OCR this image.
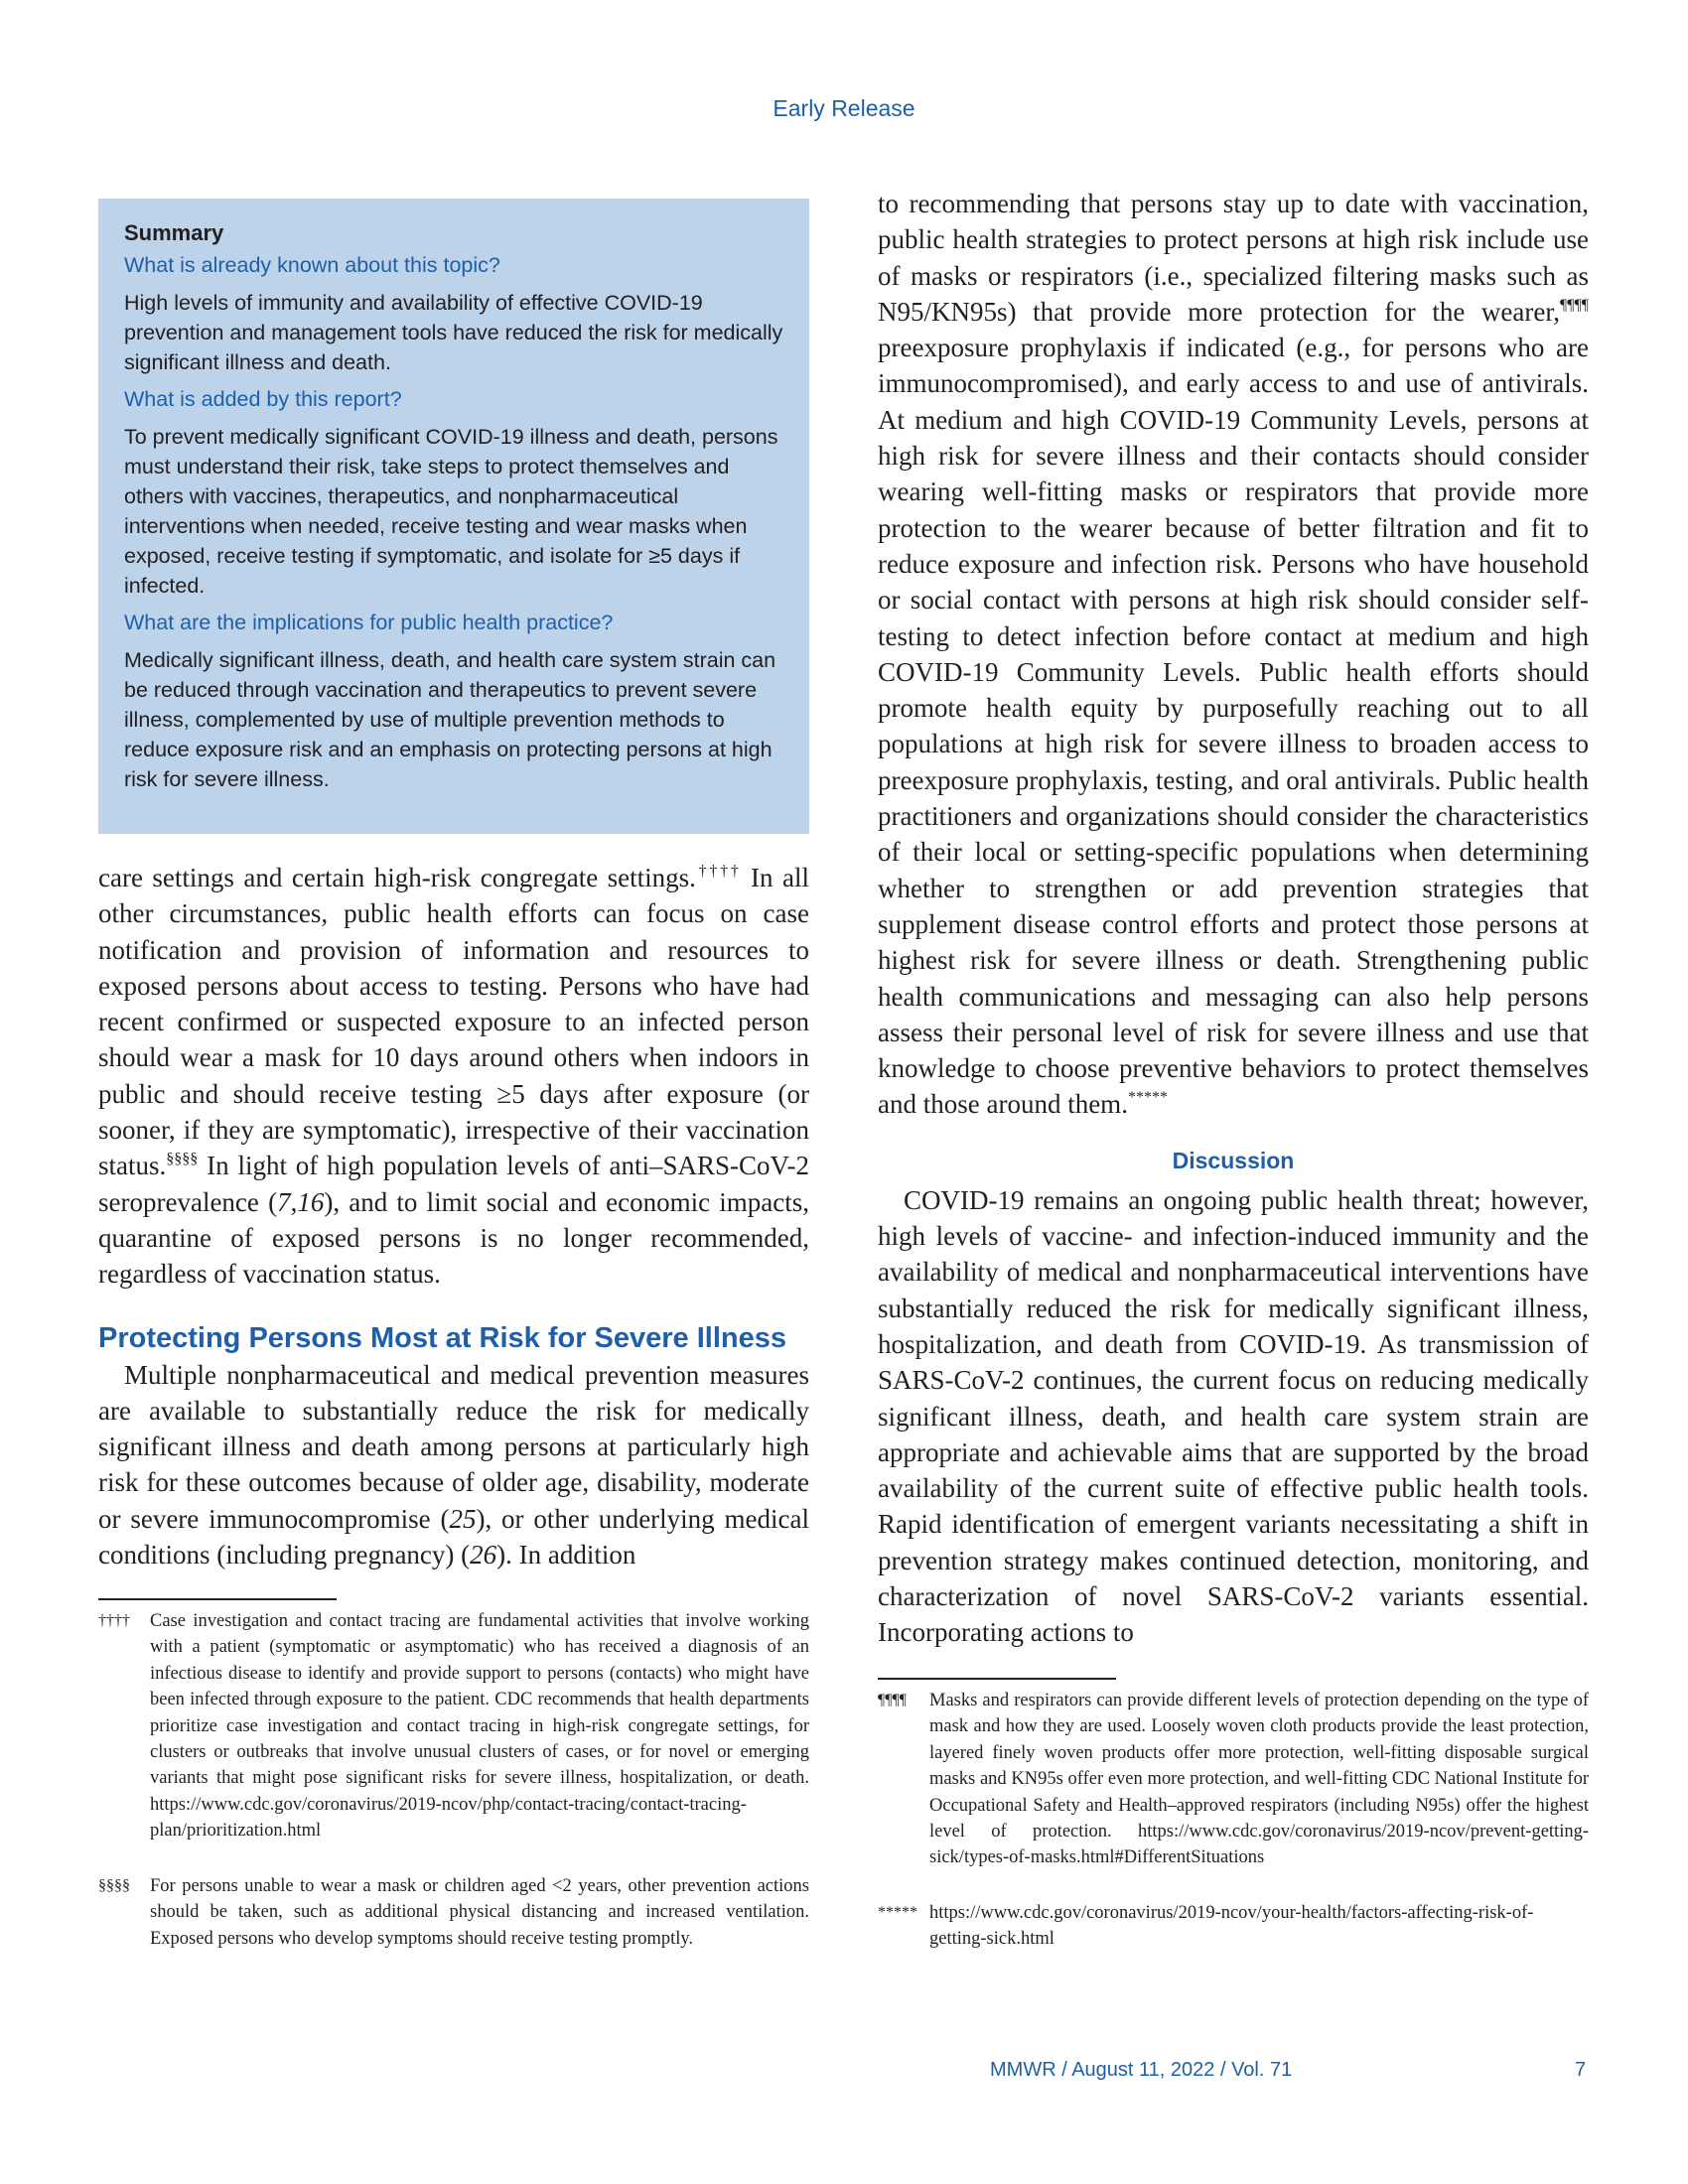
Early Release

Summary

What is already known about this topic?

High levels of immunity and availability of effective COVID-19 prevention and management tools have reduced the risk for medically significant illness and death.

What is added by this report?

To prevent medically significant COVID-19 illness and death, persons must understand their risk, take steps to protect themselves and others with vaccines, therapeutics, and nonpharmaceutical interventions when needed, receive testing and wear masks when exposed, receive testing if symptomatic, and isolate for ≥5 days if infected.

What are the implications for public health practice?

Medically significant illness, death, and health care system strain can be reduced through vaccination and therapeutics to prevent severe illness, complemented by use of multiple prevention methods to reduce exposure risk and an emphasis on protecting persons at high risk for severe illness.

care settings and certain high-risk congregate settings.†††† In all other circumstances, public health efforts can focus on case notification and provision of information and resources to exposed persons about access to testing. Persons who have had recent confirmed or suspected exposure to an infected person should wear a mask for 10 days around others when indoors in public and should receive testing ≥5 days after exposure (or sooner, if they are symptomatic), irrespective of their vaccination status.§§§§ In light of high population levels of anti–SARS-CoV-2 seroprevalence (7,16), and to limit social and economic impacts, quarantine of exposed persons is no longer recommended, regardless of vaccination status.

Protecting Persons Most at Risk for Severe Illness

Multiple nonpharmaceutical and medical prevention measures are available to substantially reduce the risk for medically significant illness and death among persons at particularly high risk for these outcomes because of older age, disability, moderate or severe immunocompromise (25), or other underlying medical conditions (including pregnancy) (26). In addition

††††	Case investigation and contact tracing are fundamental activities that involve working with a patient (symptomatic or asymptomatic) who has received a diagnosis of an infectious disease to identify and provide support to persons (contacts) who might have been infected through exposure to the patient. CDC recommends that health departments prioritize case investigation and contact tracing in high-risk congregate settings, for clusters or outbreaks that involve unusual clusters of cases, or for novel or emerging variants that might pose significant risks for severe illness, hospitalization, or death. https://www.cdc.gov/coronavirus/2019-ncov/php/contact-tracing/contact-tracing-plan/prioritization.html
§§§§	For persons unable to wear a mask or children aged <2 years, other prevention actions should be taken, such as additional physical distancing and increased ventilation. Exposed persons who develop symptoms should receive testing promptly.

to recommending that persons stay up to date with vaccination, public health strategies to protect persons at high risk include use of masks or respirators (i.e., specialized filtering masks such as N95/KN95s) that provide more protection for the wearer,¶¶¶¶ preexposure prophylaxis if indicated (e.g., for persons who are immunocompromised), and early access to and use of antivirals. At medium and high COVID-19 Community Levels, persons at high risk for severe illness and their contacts should consider wearing well-fitting masks or respirators that provide more protection to the wearer because of better filtration and fit to reduce exposure and infection risk. Persons who have household or social contact with persons at high risk should consider self-testing to detect infection before contact at medium and high COVID-19 Community Levels. Public health efforts should promote health equity by purposefully reaching out to all populations at high risk for severe illness to broaden access to preexposure prophylaxis, testing, and oral antivirals. Public health practitioners and organizations should consider the characteristics of their local or setting-specific populations when determining whether to strengthen or add prevention strategies that supplement disease control efforts and protect those persons at highest risk for severe illness or death. Strengthening public health communications and messaging can also help persons assess their personal level of risk for severe illness and use that knowledge to choose preventive behaviors to protect themselves and those around them.*****

Discussion

COVID-19 remains an ongoing public health threat; however, high levels of vaccine- and infection-induced immunity and the availability of medical and nonpharmaceutical interventions have substantially reduced the risk for medically significant illness, hospitalization, and death from COVID-19. As transmission of SARS-CoV-2 continues, the current focus on reducing medically significant illness, death, and health care system strain are appropriate and achievable aims that are supported by the broad availability of the current suite of effective public health tools. Rapid identification of emergent variants necessitating a shift in prevention strategy makes continued detection, monitoring, and characterization of novel SARS-CoV-2 variants essential. Incorporating actions to

¶¶¶¶	Masks and respirators can provide different levels of protection depending on the type of mask and how they are used. Loosely woven cloth products provide the least protection, layered finely woven products offer more protection, well-fitting disposable surgical masks and KN95s offer even more protection, and well-fitting CDC National Institute for Occupational Safety and Health–approved respirators (including N95s) offer the highest level of protection. https://www.cdc.gov/coronavirus/2019-ncov/prevent-getting-sick/types-of-masks.html#DifferentSituations
***** https://www.cdc.gov/coronavirus/2019-ncov/your-health/factors-affecting-risk-of-getting-sick.html
MMWR / August 11, 2022 / Vol. 71	7
